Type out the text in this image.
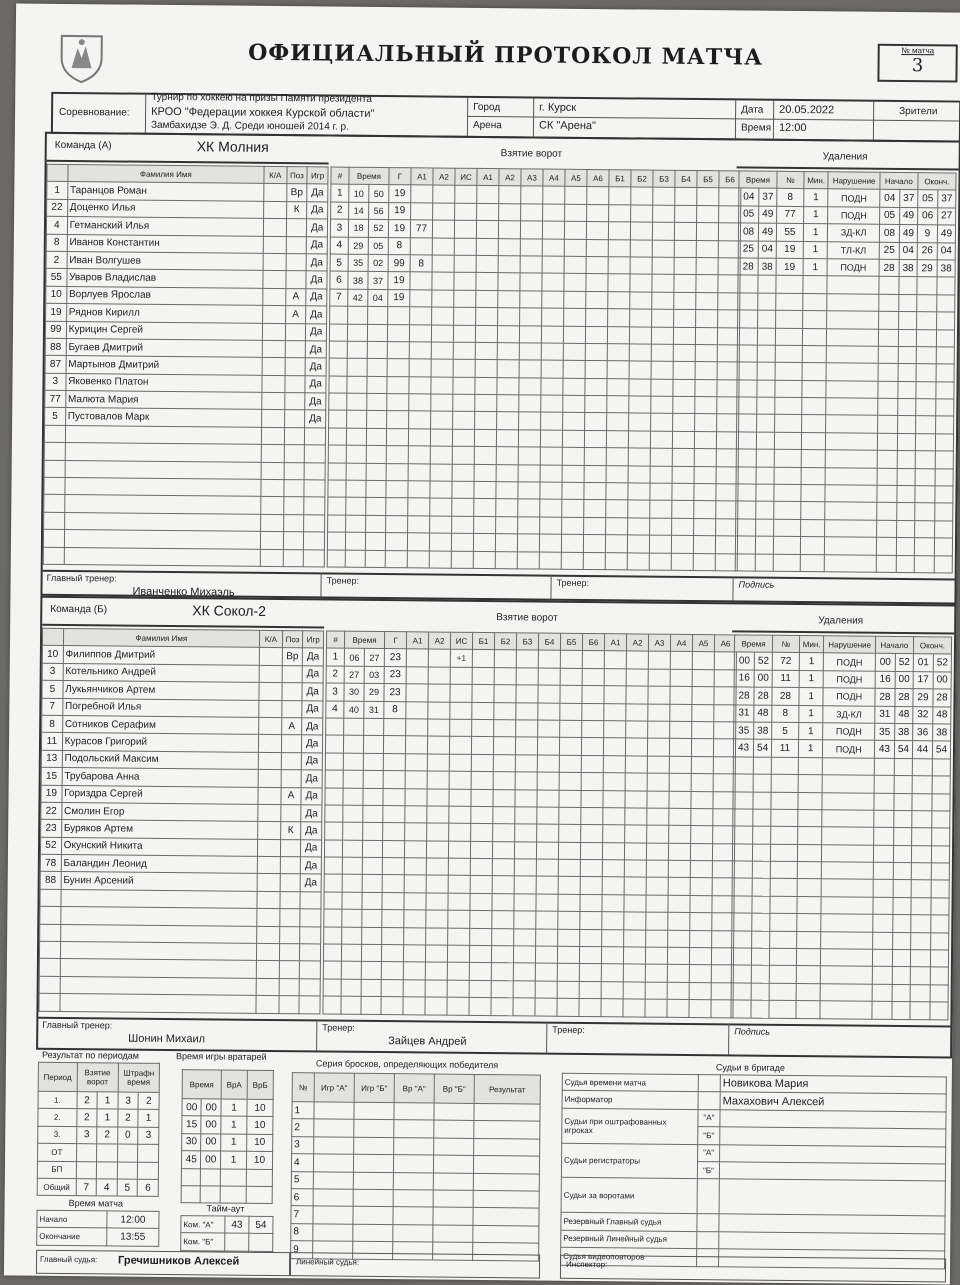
ОФИЦИАЛЬНЫЙ ПРОТОКОЛ МАТЧА	№ матча
3
Соревнование:
Турнир по хоккею на призы Памяти президента
КРОО "Федерации хоккея Курской области"
Замбахидзе Э. Д. Среди юношей 2014 г. р.
Город	г. Курск
Арена	СК "Арена"
Дата 20.05.2022
Время 12:00
Зрители
Команда (А)	ХК Молния	Взятие ворот	Удаления
	Фамилия Имя	К/А	Поз	Игр
1	Таранцов Роман		Вр	Да
22	Доценко Илья		К	Да
4	Гетманский Илья			Да
8	Иванов Константин			Да
2	Иван Волгушев			Да
55	Уваров Владислав			Да
10	Ворлуев Ярослав		А	Да
19	Ряднов Кирилл		А	Да
99	Курицин Сергей			Да
88	Бугаев Дмитрий			Да
87	Мартынов Дмитрий			Да
3	Яковенко Платон			Да
77	Малюта Мария			Да
5	Пустовалов Марк			Да

#	Время		Г	А1	А2	ИС	А1	А2	А3	А4	А5	А6	Б1	Б2	Б3	Б4	Б5	Б6
1	10	50	19															
2	14	56	19															
3	18	52	19	77														
4	29	05	8															
5	35	02	99	8														
6	38	37	19															
7	42	04	19															

Время		№	Мин.	Нарушение	Начало		Оконч.	
04	37	8	1	ПОДН	04	37	05	37
05	49	77	1	ПОДН	05	49	06	27
08	49	55	1	ЗД-КЛ	08	49	9	49
25	04	19	1	ТЛ-КЛ	25	04	26	04
28	38	19	1	ПОДН	28	38	29	38

Главный тренер:
Иванченко Михаэль
Тренер:	Тренер:	Подпись
Команда (Б)	ХК Сокол-2	Взятие ворот	Удаления
	Фамилия Имя	К/А	Поз	Игр
10	Филиппов Дмитрий		Вр	Да
3	Котельнико Андрей			Да
5	Лукьянчиков Артем			Да
7	Погребной Илья			Да
8	Сотников Серафим		А	Да
11	Курасов Григорий			Да
13	Подольский Максим			Да
15	Трубарова Анна			Да
19	Гориздра Сергей		А	Да
22	Смолин Егор			Да
23	Буряков Артем		К	Да
52	Окунский Никита			Да
78	Баландин Леонид			Да
88	Бунин Арсений			Да

#	Время		Г	А1	А2	ИС	Б1	Б2	Б3	Б4	Б5	Б6	А1	А2	А3	А4	А5	А6
1	06	27	23			+1												
2	27	03	23															
3	30	29	23															
4	40	31	8															

Время		№	Мин.	Нарушение	Начало		Оконч.	
00	52	72	1	ПОДН	00	52	01	52
16	00	11	1	ПОДН	16	00	17	00
28	28	28	1	ПОДН	28	28	29	28
31	48	8	1	ЗД-КЛ	31	48	32	48
35	38	5	1	ПОДН	35	38	36	38
43	54	11	1	ПОДН	43	54	44	54

Главный тренер:
Шонин Михаил
Тренер:
Зайцев Андрей
Тренер:	Подпись
Результат по периодам
Период	Взятие ворот		Штрафн время	
1.	2	1	3	2
2.	2	1	2	1
3.	3	2	0	3
ОТ				
БП				
Общий	7	4	5	6
Время игры вратарей
Время		ВрА	ВрБ
00	00	1	10
15	00	1	10
30	00	1	10
45	00	1	10

Время матча
Начало	12:00
Окончание	13:55
Тайм-аут
Ком. "А"	43	54
Ком. "Б"		
Серия бросков, определяющих победителя
№	Игр "А"	Игр "Б"	Вр "А"	Вр "Б"	Результат
1					
2					
3					
4					
5					
6					
7					
8					
9					
Судьи в бригаде
Судья времени матча		Новикова Мария
Информатор		Махахович Алексей
Судьи при оштрафованных игроках	"А"	
	"Б"	
Судьи регистраторы	"А"	
	"Б"	
Судьи за воротами		
Резервный Главный судья		
Резервный Линейный судья		
Судья видеоповторов		
Главный судья: Гречишников Алексей	Линейный судья:	Инспектор:
